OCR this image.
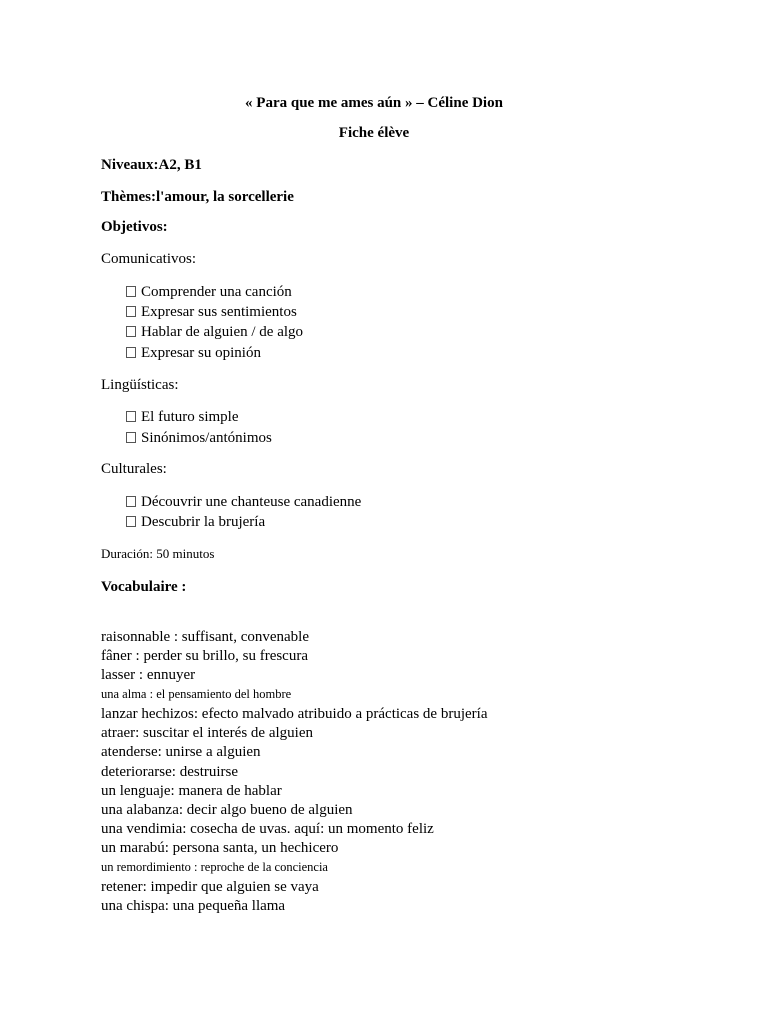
« Para que me ames aún » – Céline Dion
Fiche élève
Niveaux:A2, B1
Thèmes:l'amour, la sorcellerie
Objetivos:
Comunicativos:
Comprender una canción
Expresar sus sentimientos
Hablar de alguien / de algo
Expresar su opinión
Lingüísticas:
El futuro simple
Sinónimos/antónimos
Culturales:
Découvrir une chanteuse canadienne
Descubrir la brujería
Duración: 50 minutos
Vocabulaire :
raisonnable : suffisant, convenable
fâner : perder su brillo, su frescura
lasser : ennuyer
una alma : el pensamiento del hombre
lanzar hechizos: efecto malvado atribuido a prácticas de brujería
atraer: suscitar el interés de alguien
atenderse: unirse a alguien
deteriorarse: destruirse
un lenguaje: manera de hablar
una alabanza: decir algo bueno de alguien
una vendimia: cosecha de uvas. aquí: un momento feliz
un marabú: persona santa, un hechicero
un remordimiento : reproche de la conciencia
retener: impedir que alguien se vaya
una chispa: una pequeña llama
